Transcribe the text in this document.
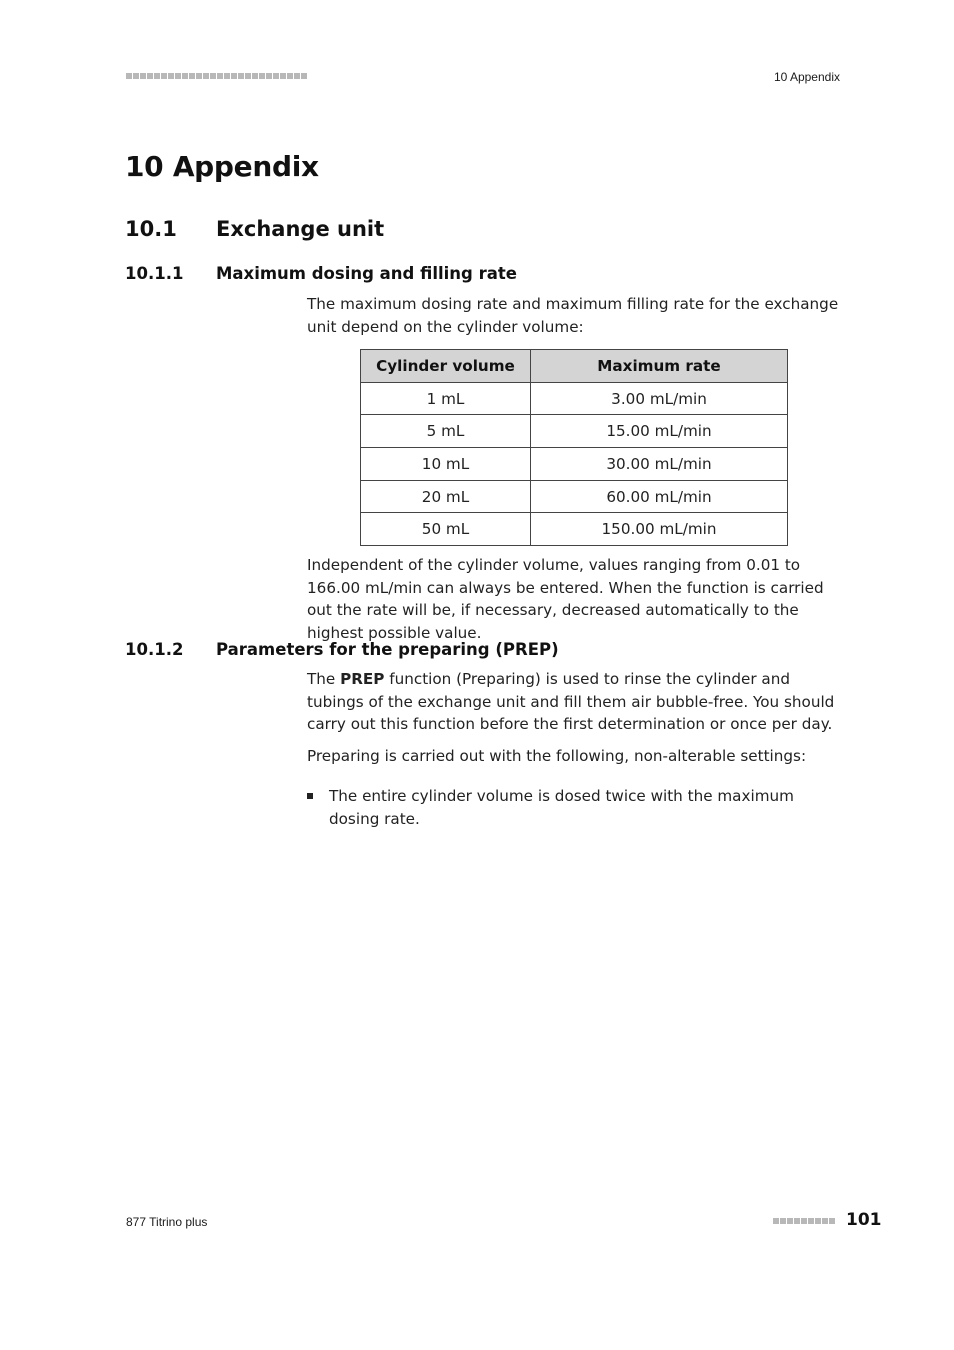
10 Appendix
10 Appendix
10.1 Exchange unit
10.1.1 Maximum dosing and filling rate

The maximum dosing rate and maximum filling rate for the exchange unit depend on the cylinder volume:

Cylinder volume	Maximum rate
1 mL	3.00 mL/min
5 mL	15.00 mL/min
10 mL	30.00 mL/min
20 mL	60.00 mL/min
50 mL	150.00 mL/min

Independent of the cylinder volume, values ranging from 0.01 to 166.00 mL/min can always be entered. When the function is carried out the rate will be, if necessary, decreased automatically to the highest possible value.

10.1.2 Parameters for the preparing (PREP)

The PREP function (Preparing) is used to rinse the cylinder and tubings of the exchange unit and fill them air bubble-free. You should carry out this function before the first determination or once per day.

Preparing is carried out with the following, non-alterable settings:

The entire cylinder volume is dosed twice with the maximum dosing rate.
877 Titrino plus	101
